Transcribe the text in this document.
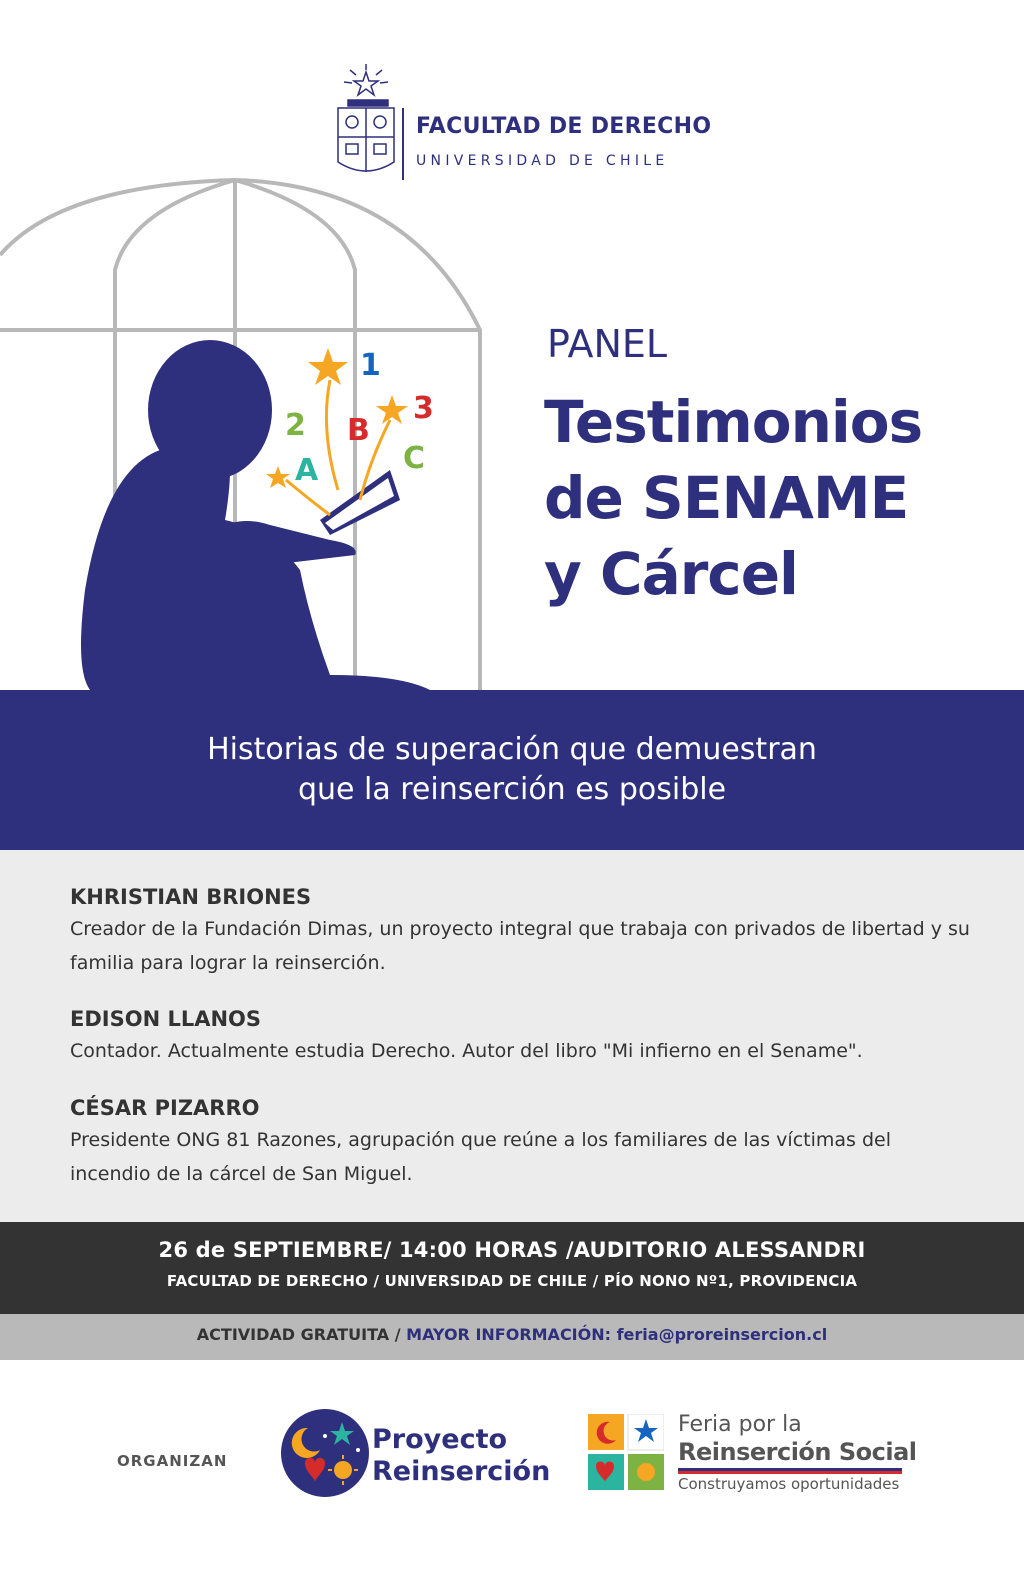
FACULTAD DE DERECHO
UNIVERSIDAD DE CHILE
1
2	3
A
B
C
PANEL
Testimonios
de SENAME
y Cárcel
Historias de superación que demuestran
que la reinserción es posible
KHRISTIAN BRIONES
Creador de la Fundación Dimas, un proyecto integral que trabaja con privados de libertad y su familia para lograr la reinserción.
EDISON LLANOS
Contador. Actualmente estudia Derecho. Autor del libro "Mi infierno en el Sename".
CÉSAR PIZARRO
Presidente ONG 81 Razones, agrupación que reúne a los familiares de las víctimas del incendio de la cárcel de San Miguel.
26 de SEPTIEMBRE/ 14:00 HORAS /AUDITORIO ALESSANDRI
FACULTAD DE DERECHO / UNIVERSIDAD DE CHILE / PÍO NONO Nº1, PROVIDENCIA
ACTIVIDAD GRATUITA / MAYOR INFORMACIÓN: feria@proreinsercion.cl
ORGANIZAN
Proyecto
Reinserción
Feria por la
Reinserción Social
Construyamos oportunidades
